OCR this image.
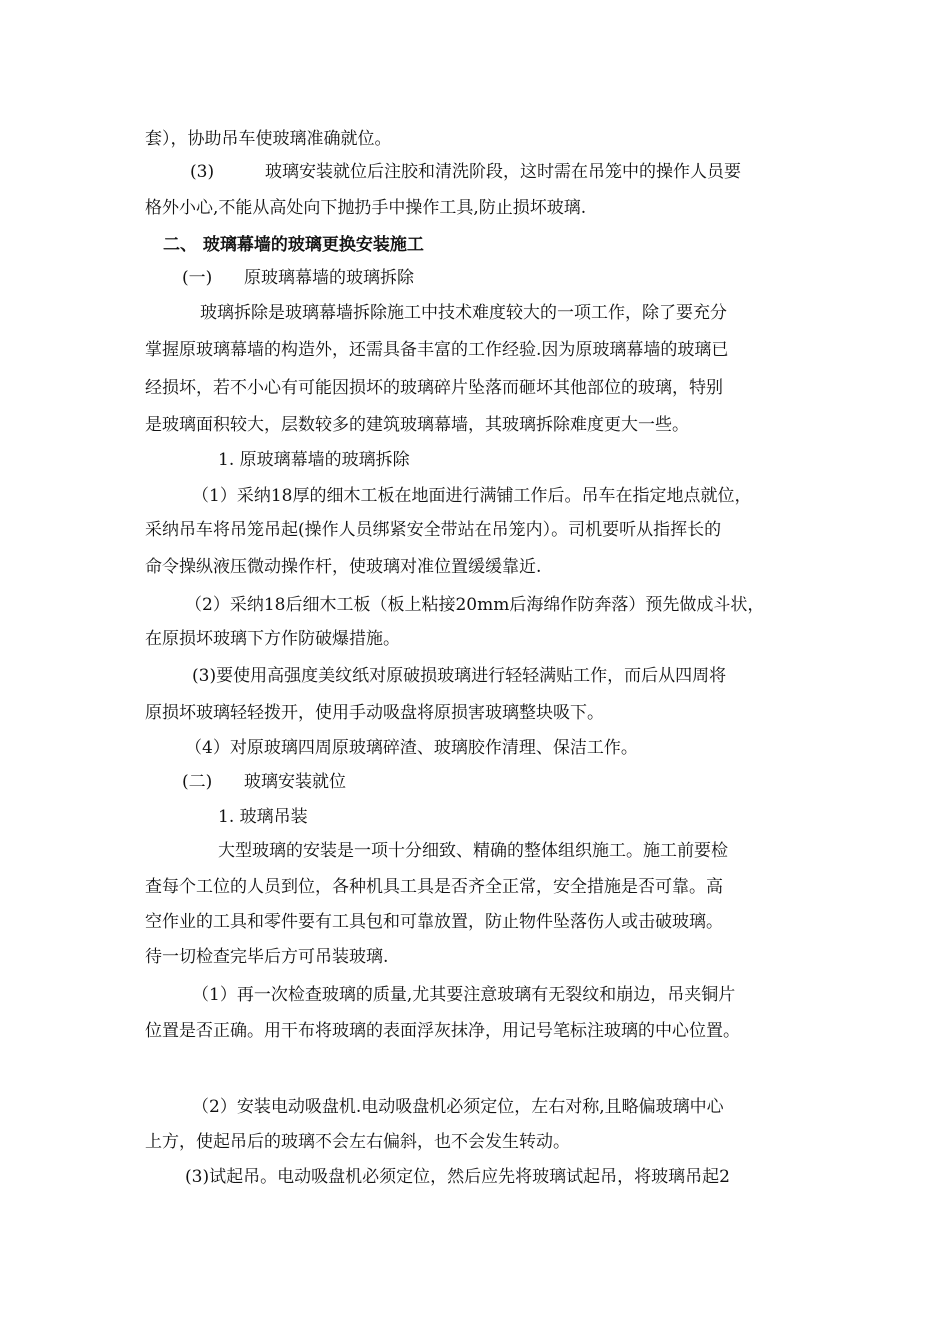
套），协助吊车使玻璃准确就位。
(3)	玻璃安装就位后注胶和清洗阶段，这时需在吊笼中的操作人员要
格外小心,不能从高处向下抛扔手中操作工具,防止损坏玻璃.
二、 玻璃幕墙的玻璃更换安装施工
(一) 原玻璃幕墙的玻璃拆除
玻璃拆除是玻璃幕墙拆除施工中技术难度较大的一项工作，除了要充分
掌握原玻璃幕墙的构造外，还需具备丰富的工作经验.因为原玻璃幕墙的玻璃已
经损坏，若不小心有可能因损坏的玻璃碎片坠落而砸坏其他部位的玻璃，特别
是玻璃面积较大，层数较多的建筑玻璃幕墙，其玻璃拆除难度更大一些。
1. 原玻璃幕墙的玻璃拆除
（1）采纳18厚的细木工板在地面进行满铺工作后。吊车在指定地点就位，
采纳吊车将吊笼吊起(操作人员绑紧安全带站在吊笼内）。司机要听从指挥长的
命令操纵液压微动操作杆，使玻璃对准位置缓缓靠近.
（2）采纳18后细木工板（板上粘接20mm后海绵作防奔落）预先做成斗状，
在原损坏玻璃下方作防破爆措施。
(3)要使用高强度美纹纸对原破损玻璃进行轻轻满贴工作，而后从四周将
原损坏玻璃轻轻拨开，使用手动吸盘将原损害玻璃整块吸下。
（4）对原玻璃四周原玻璃碎渣、玻璃胶作清理、保洁工作。
(二) 玻璃安装就位
1. 玻璃吊装
大型玻璃的安装是一项十分细致、精确的整体组织施工。施工前要检
查每个工位的人员到位，各种机具工具是否齐全正常，安全措施是否可靠。高
空作业的工具和零件要有工具包和可靠放置，防止物件坠落伤人或击破玻璃。
待一切检查完毕后方可吊装玻璃.
（1）再一次检查玻璃的质量,尤其要注意玻璃有无裂纹和崩边，吊夹铜片
位置是否正确。用干布将玻璃的表面浮灰抹净，用记号笔标注玻璃的中心位置。
（2）安装电动吸盘机.电动吸盘机必须定位，左右对称,且略偏玻璃中心
上方，使起吊后的玻璃不会左右偏斜，也不会发生转动。
(3)试起吊。电动吸盘机必须定位，然后应先将玻璃试起吊，将玻璃吊起2
